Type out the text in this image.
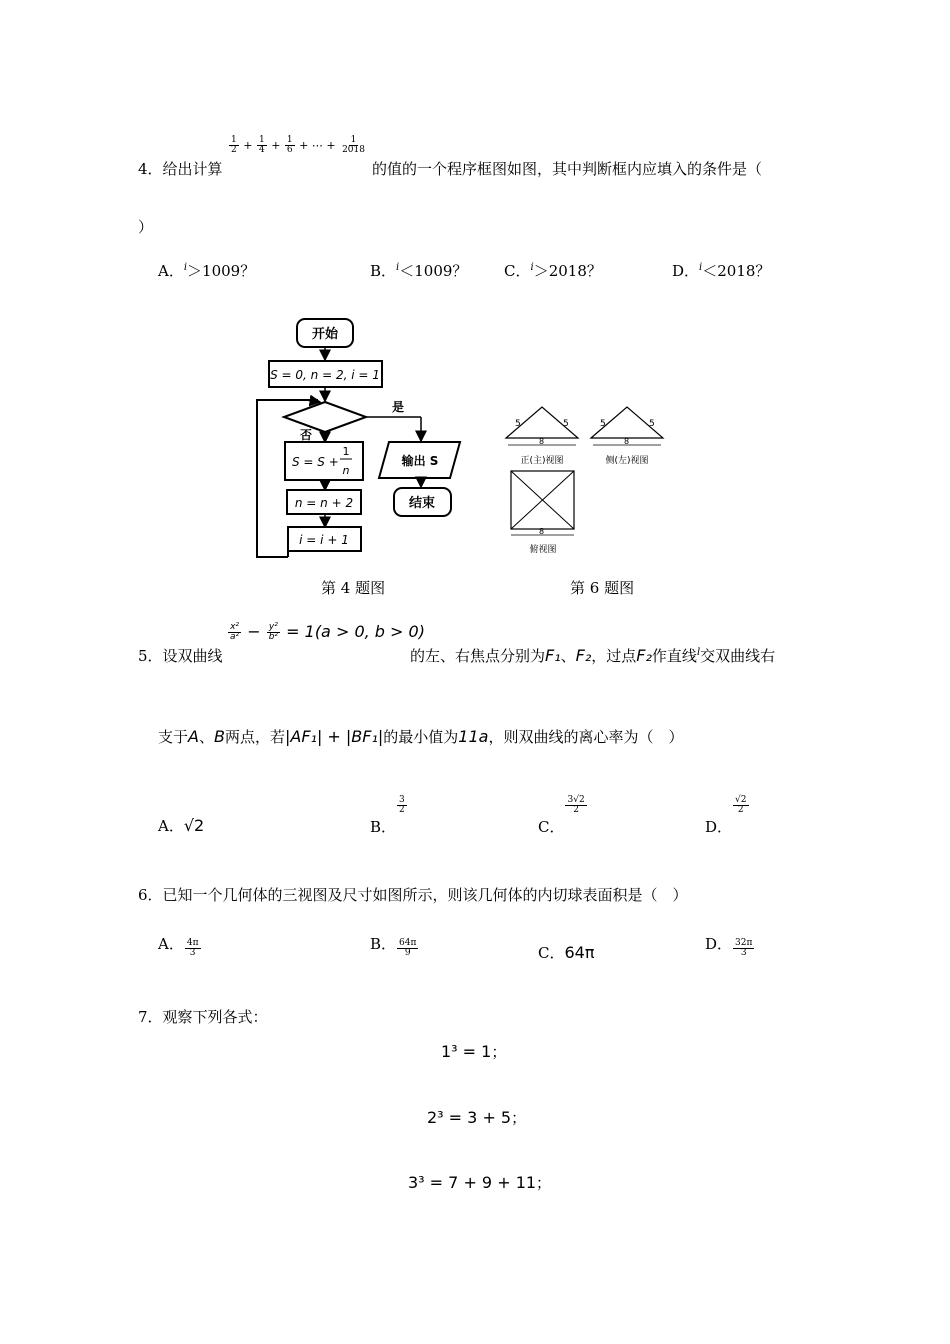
$\frac{1}{2} + \frac{1}{4} + \frac{1}{6}$ + ⋯ + $\frac{1}{2018}$
4．给出计算	的值的一个程序框图如图，其中判断框内应填入的条件是（
）
A．$^i$＞1009？	B．$^i$＜1009？ C．$^i$＞2018？	D．$^i$＜2018？
开始
S = 0, n = 2, i = 1
是
否
S = S +
1
n
n = n + 2
i = i + 1
输出 S
结束
第 4 题图
5	5
8
正(主)视图
5	5
8
侧(左)视图
8
俯视图
第 6 题图
$\frac{\text{x²}}{\text{a²}} - \frac{\text{y²}}{\text{b²}} = 1(a > 0$, b > 0)
5．设双曲线	的左、右焦点分别为F₁、F₂，过点F₂作直线$^l$交双曲线右
支于A、B两点，若|AF₁| + |BF₁|的最小值为11a，则双曲线的离心率为（　）
A．√2	B．
$\frac{3}{2}$
C．
$\frac{3√2}{2}$
D．
$\frac{√2}{2}$
6．已知一个几何体的三视图及尺寸如图所示，则该几何体的内切球表面积是（　）
A． $\frac{4\pi}{3}$	B． $\frac{64\pi}{9}$	C．64π	D． $\frac{32\pi}{3}$
7．观察下列各式：
1³ = 1；
2³ = 3 + 5；
3³ = 7 + 9 + 11；
